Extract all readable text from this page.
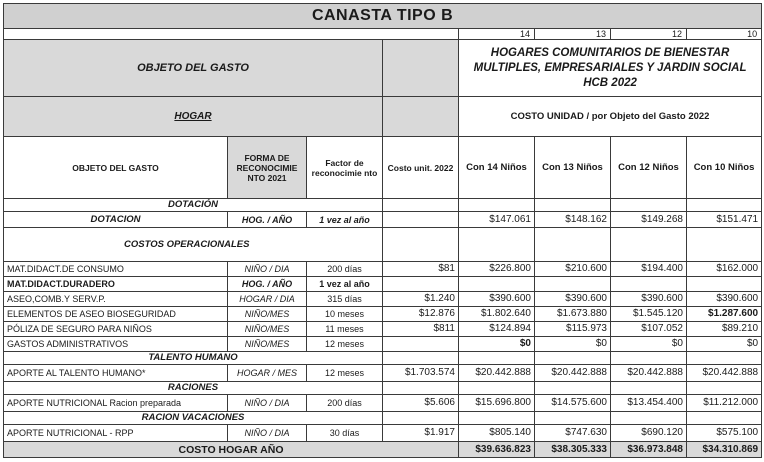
CANASTA TIPO B							
				14	13	12	10
OBJETO DEL GASTO				HOGARES COMUNITARIOS DE BIENESTAR MULTIPLES, EMPRESARIALES Y JARDIN SOCIAL HCB 2022			
HOGAR				COSTO UNIDAD / por Objeto del Gasto 2022			
OBJETO DEL GASTO	FORMA DE RECONOCIMIE NTO 2021	Factor de reconocimie nto	Costo unit. 2022	Con 14 Niños	Con 13 Niños	Con 12 Niños	Con 10 Niños
DOTACIÓN							
DOTACION	HOG. / AÑO	1 vez al año		$147.061	$148.162	$149.268	$151.471
COSTOS OPERACIONALES							
MAT.DIDACT.DE CONSUMO	NIÑO / DIA	200 días	$81	$226.800	$210.600	$194.400	$162.000
MAT.DIDACT.DURADERO	HOG. / AÑO	1 vez al año					
ASEO,COMB.Y SERV.P.	HOGAR / DIA	315 días	$1.240	$390.600	$390.600	$390.600	$390.600
ELEMENTOS DE ASEO BIOSEGURIDAD	NIÑO/MES	10 meses	$12.876	$1.802.640	$1.673.880	$1.545.120	$1.287.600
PÓLIZA DE SEGURO PARA NIÑOS	NIÑO/MES	11 meses	$811	$124.894	$115.973	$107.052	$89.210
GASTOS ADMINISTRATIVOS	NIÑO/MES	12 meses		$0	$0	$0	$0
TALENTO HUMANO							
APORTE AL TALENTO HUMANO*	HOGAR / MES	12 meses	$1.703.574	$20.442.888	$20.442.888	$20.442.888	$20.442.888
RACIONES							
APORTE NUTRICIONAL Racion preparada	NIÑO / DIA	200 días	$5.606	$15.696.800	$14.575.600	$13.454.400	$11.212.000
RACION VACACIONES							
APORTE NUTRICIONAL - RPP	NIÑO / DIA	30 días	$1.917	$805.140	$747.630	$690.120	$575.100
COSTO HOGAR AÑO				$39.636.823	$38.305.333	$36.973.848	$34.310.869
